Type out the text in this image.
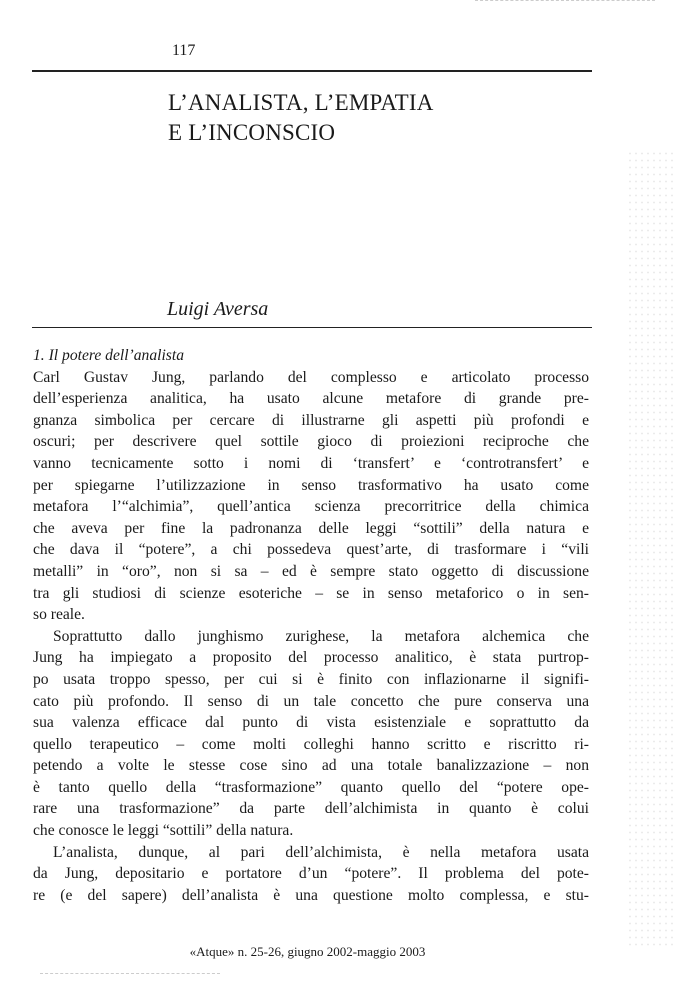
117
L’ANALISTA, L’EMPATIA
E L’INCONSCIO
Luigi Aversa
1. Il potere dell’analista
Carl Gustav Jung, parlando del complesso e articolato processo
dell’esperienza analitica, ha usato alcune metafore di grande pre-
gnanza simbolica per cercare di illustrarne gli aspetti più profondi e
oscuri; per descrivere quel sottile gioco di proiezioni reciproche che
vanno tecnicamente sotto i nomi di ‘transfert’ e ‘controtransfert’ e
per spiegarne l’utilizzazione in senso trasformativo ha usato come
metafora l’“alchimia”, quell’antica scienza precorritrice della chimica
che aveva per fine la padronanza delle leggi “sottili” della natura e
che dava il “potere”, a chi possedeva quest’arte, di trasformare i “vili
metalli” in “oro”, non si sa – ed è sempre stato oggetto di discussione
tra gli studiosi di scienze esoteriche – se in senso metaforico o in sen-
so reale.
Soprattutto dallo junghismo zurighese, la metafora alchemica che
Jung ha impiegato a proposito del processo analitico, è stata purtrop-
po usata troppo spesso, per cui si è finito con inflazionarne il signifi-
cato più profondo. Il senso di un tale concetto che pure conserva una
sua valenza efficace dal punto di vista esistenziale e soprattutto da
quello terapeutico – come molti colleghi hanno scritto e riscritto ri-
petendo a volte le stesse cose sino ad una totale banalizzazione – non
è tanto quello della “trasformazione” quanto quello del “potere ope-
rare una trasformazione” da parte dell’alchimista in quanto è colui
che conosce le leggi “sottili” della natura.
L’analista, dunque, al pari dell’alchimista, è nella metafora usata
da Jung, depositario e portatore d’un “potere”. Il problema del pote-
re (e del sapere) dell’analista è una questione molto complessa, e stu-
«Atque» n. 25-26, giugno 2002-maggio 2003
